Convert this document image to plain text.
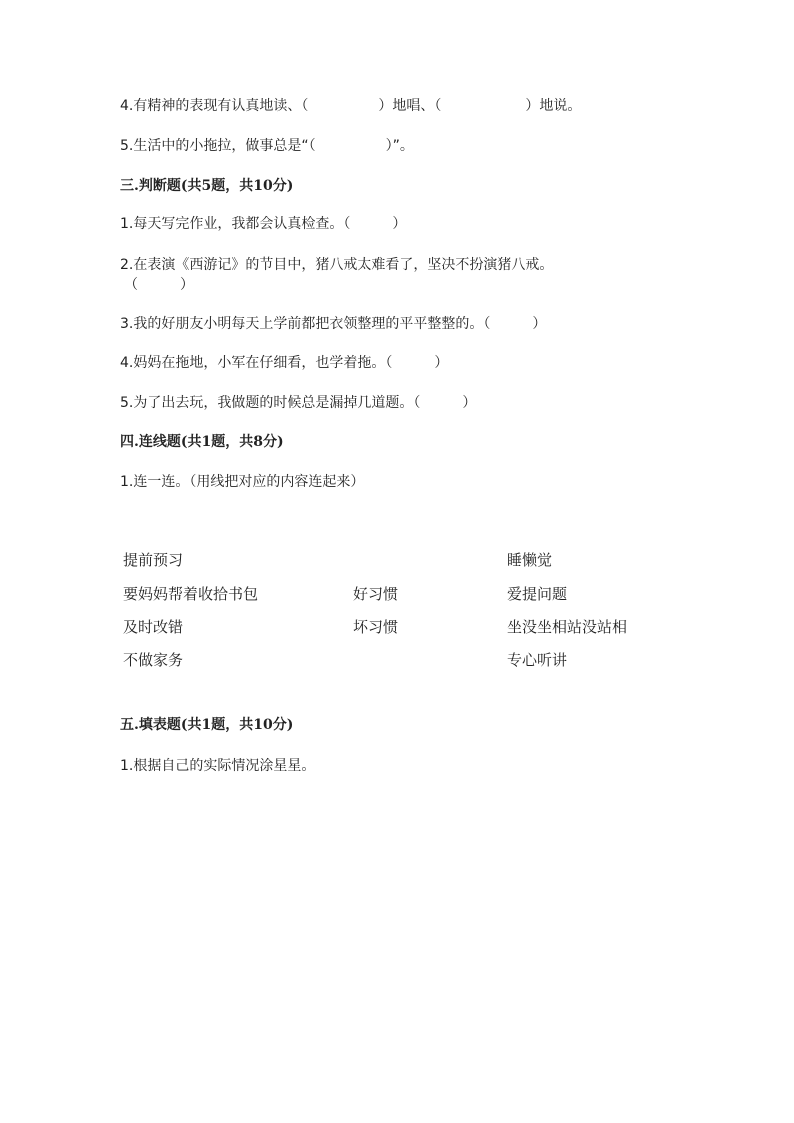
4.有精神的表现有认真地读、（　　　　　）地唱、（　　　　　　）地说。
5.生活中的小拖拉，做事总是“（　　　　　）”。
三.判断题(共5题，共10分)
1.每天写完作业，我都会认真检查。（　　　）
2.在表演《西游记》的节目中，猪八戒太难看了，坚决不扮演猪八戒。
（　　　）
3.我的好朋友小明每天上学前都把衣领整理的平平整整的。（　　　）
4.妈妈在拖地，小军在仔细看，也学着拖。（　　　）
5.为了出去玩，我做题的时候总是漏掉几道题。（　　　）
四.连线题(共1题，共8分)
1.连一连。（用线把对应的内容连起来）
提前预习
要妈妈帮着收拾书包
及时改错
不做家务
好习惯
坏习惯
睡懒觉
爱提问题
坐没坐相站没站相
专心听讲
五.填表题(共1题，共10分)
1.根据自己的实际情况涂星星。
